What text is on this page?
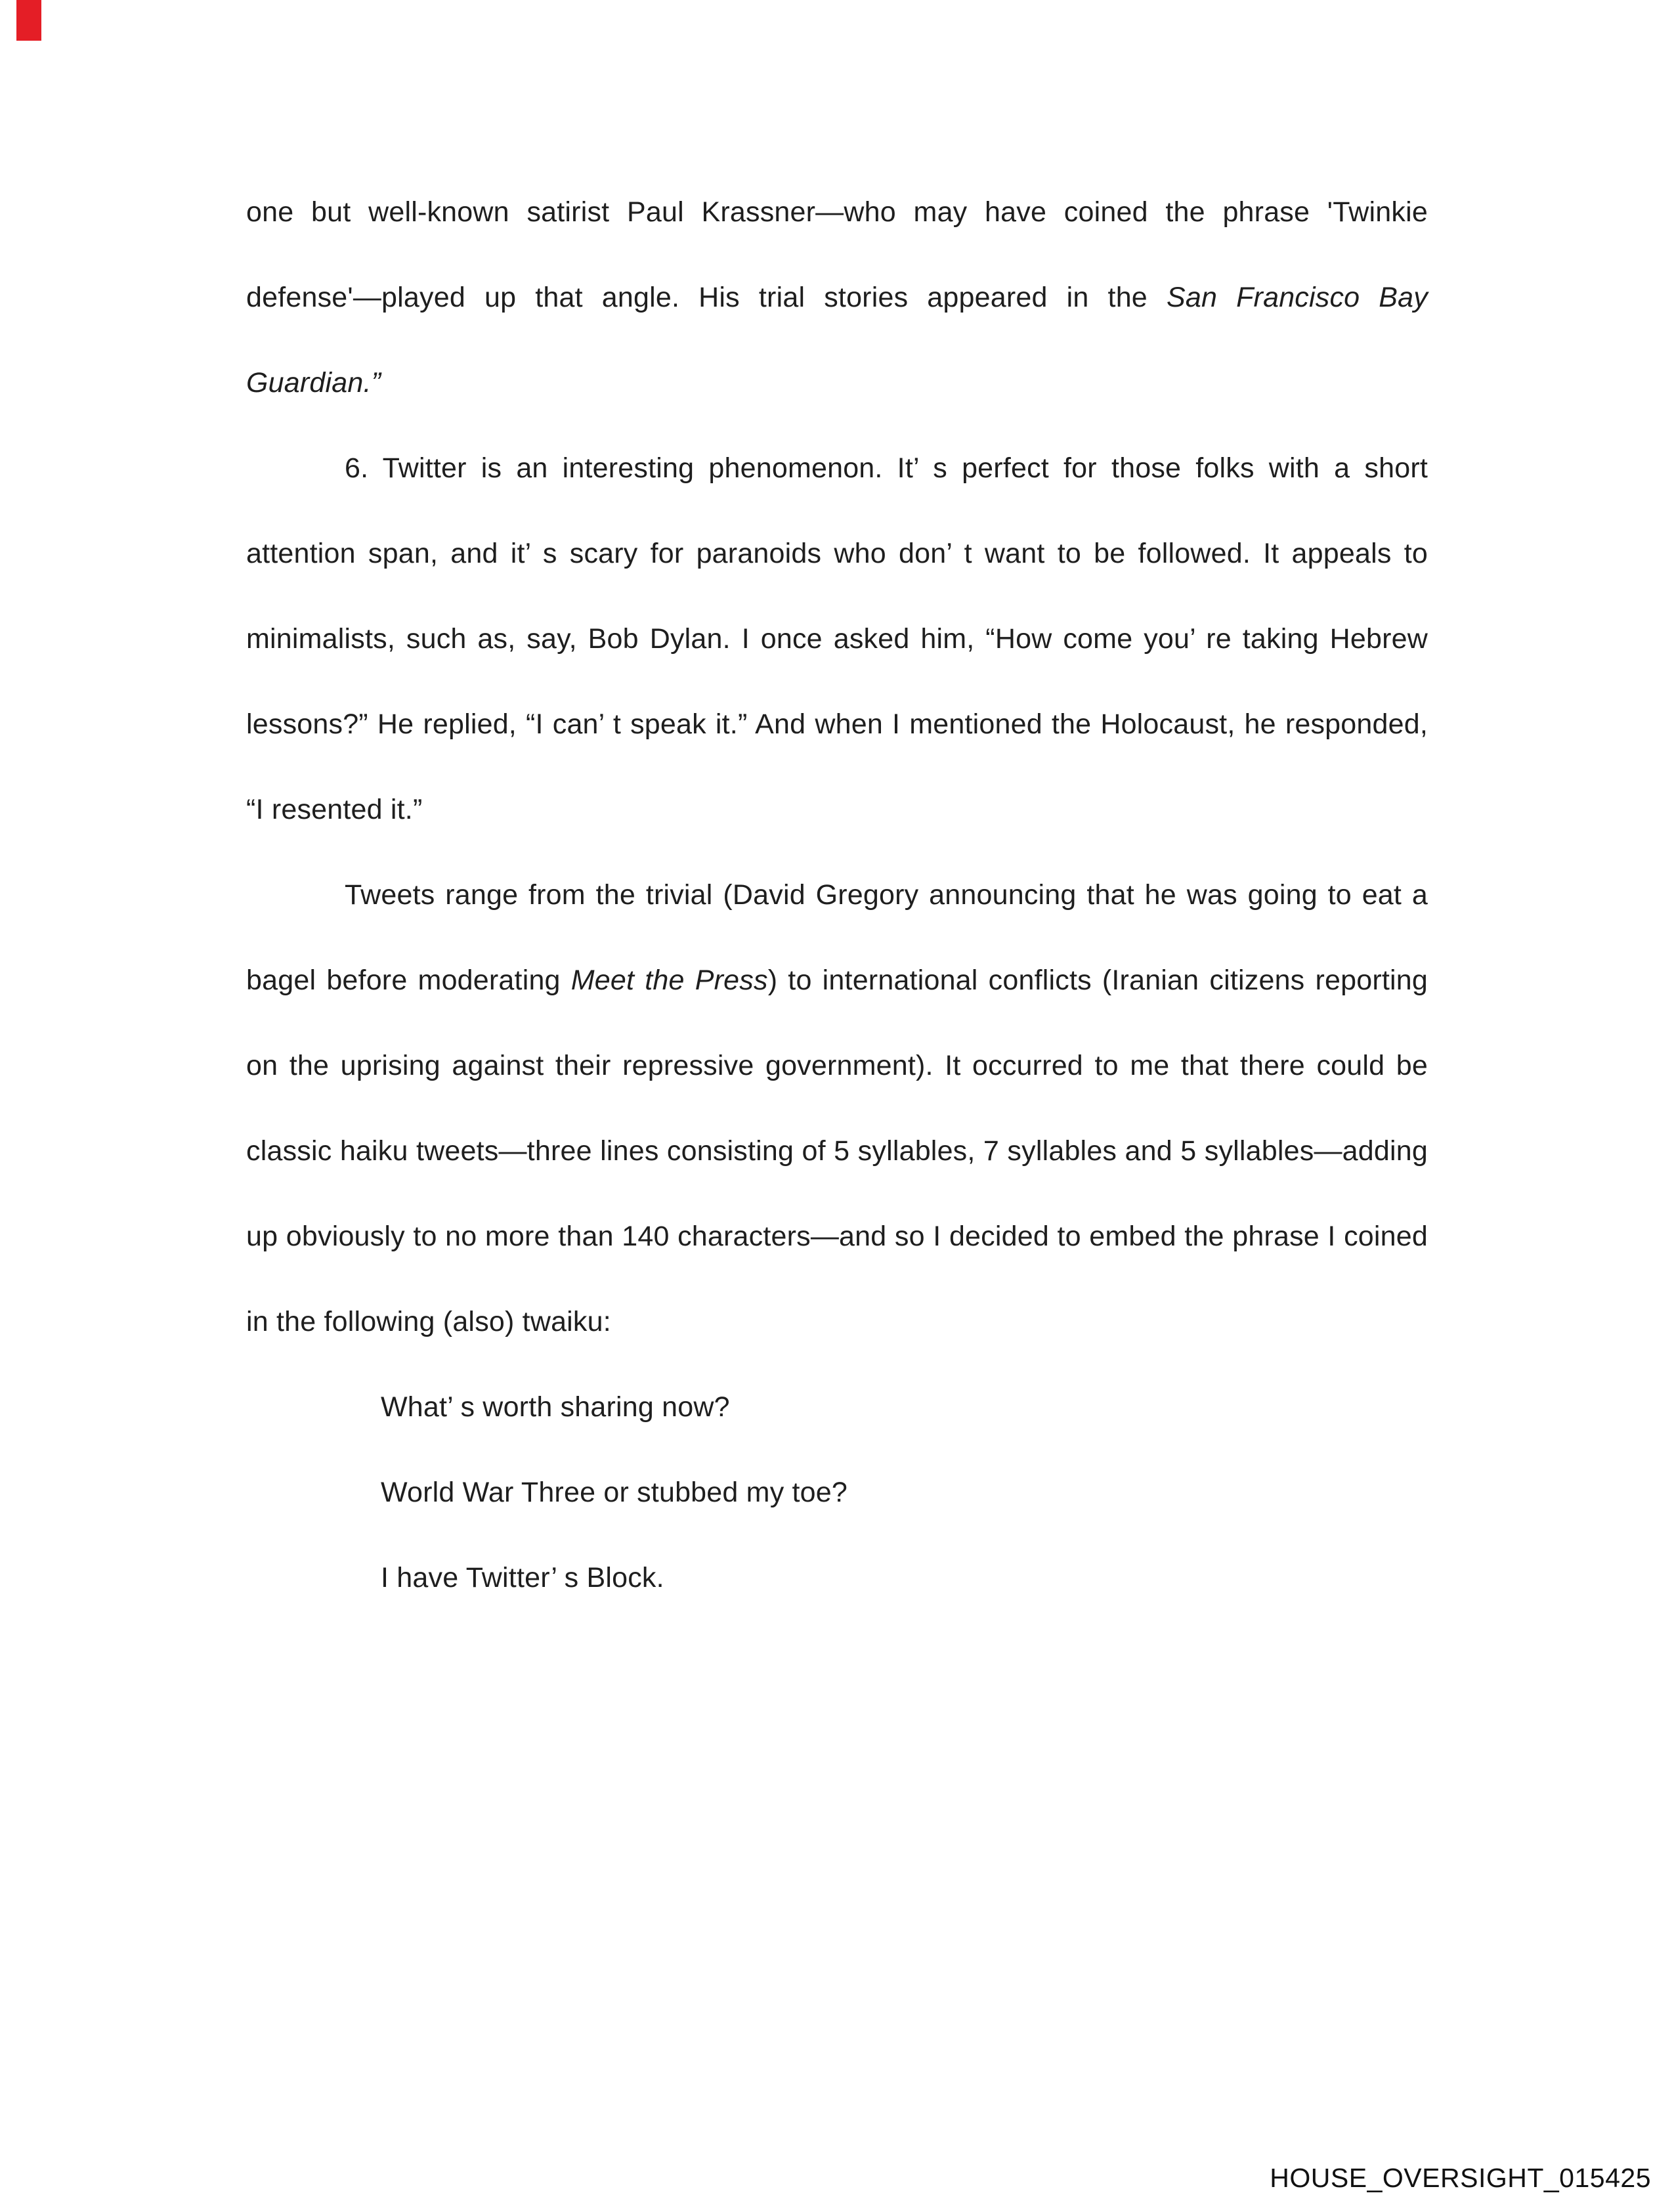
one but well-known satirist Paul Krassner—who may have coined the phrase 'Twinkie defense'—played up that angle. His trial stories appeared in the San Francisco Bay Guardian.”

6. Twitter is an interesting phenomenon. It’ s perfect for those folks with a short attention span, and it’ s scary for paranoids who don’ t want to be followed. It appeals to minimalists, such as, say, Bob Dylan. I once asked him, “How come you’ re taking Hebrew lessons?” He replied, “I can’ t speak it.” And when I mentioned the Holocaust, he responded, “I resented it.”

Tweets range from the trivial (David Gregory announcing that he was going to eat a bagel before moderating Meet the Press) to international conflicts (Iranian citizens reporting on the uprising against their repressive government). It occurred to me that there could be classic haiku tweets—three lines consisting of 5 syllables, 7 syllables and 5 syllables—adding up obviously to no more than 140 characters—and so I decided to embed the phrase I coined in the following (also) twaiku:

What’ s worth sharing now?

World War Three or stubbed my toe?

I have Twitter’ s Block.

HOUSE_OVERSIGHT_015425
